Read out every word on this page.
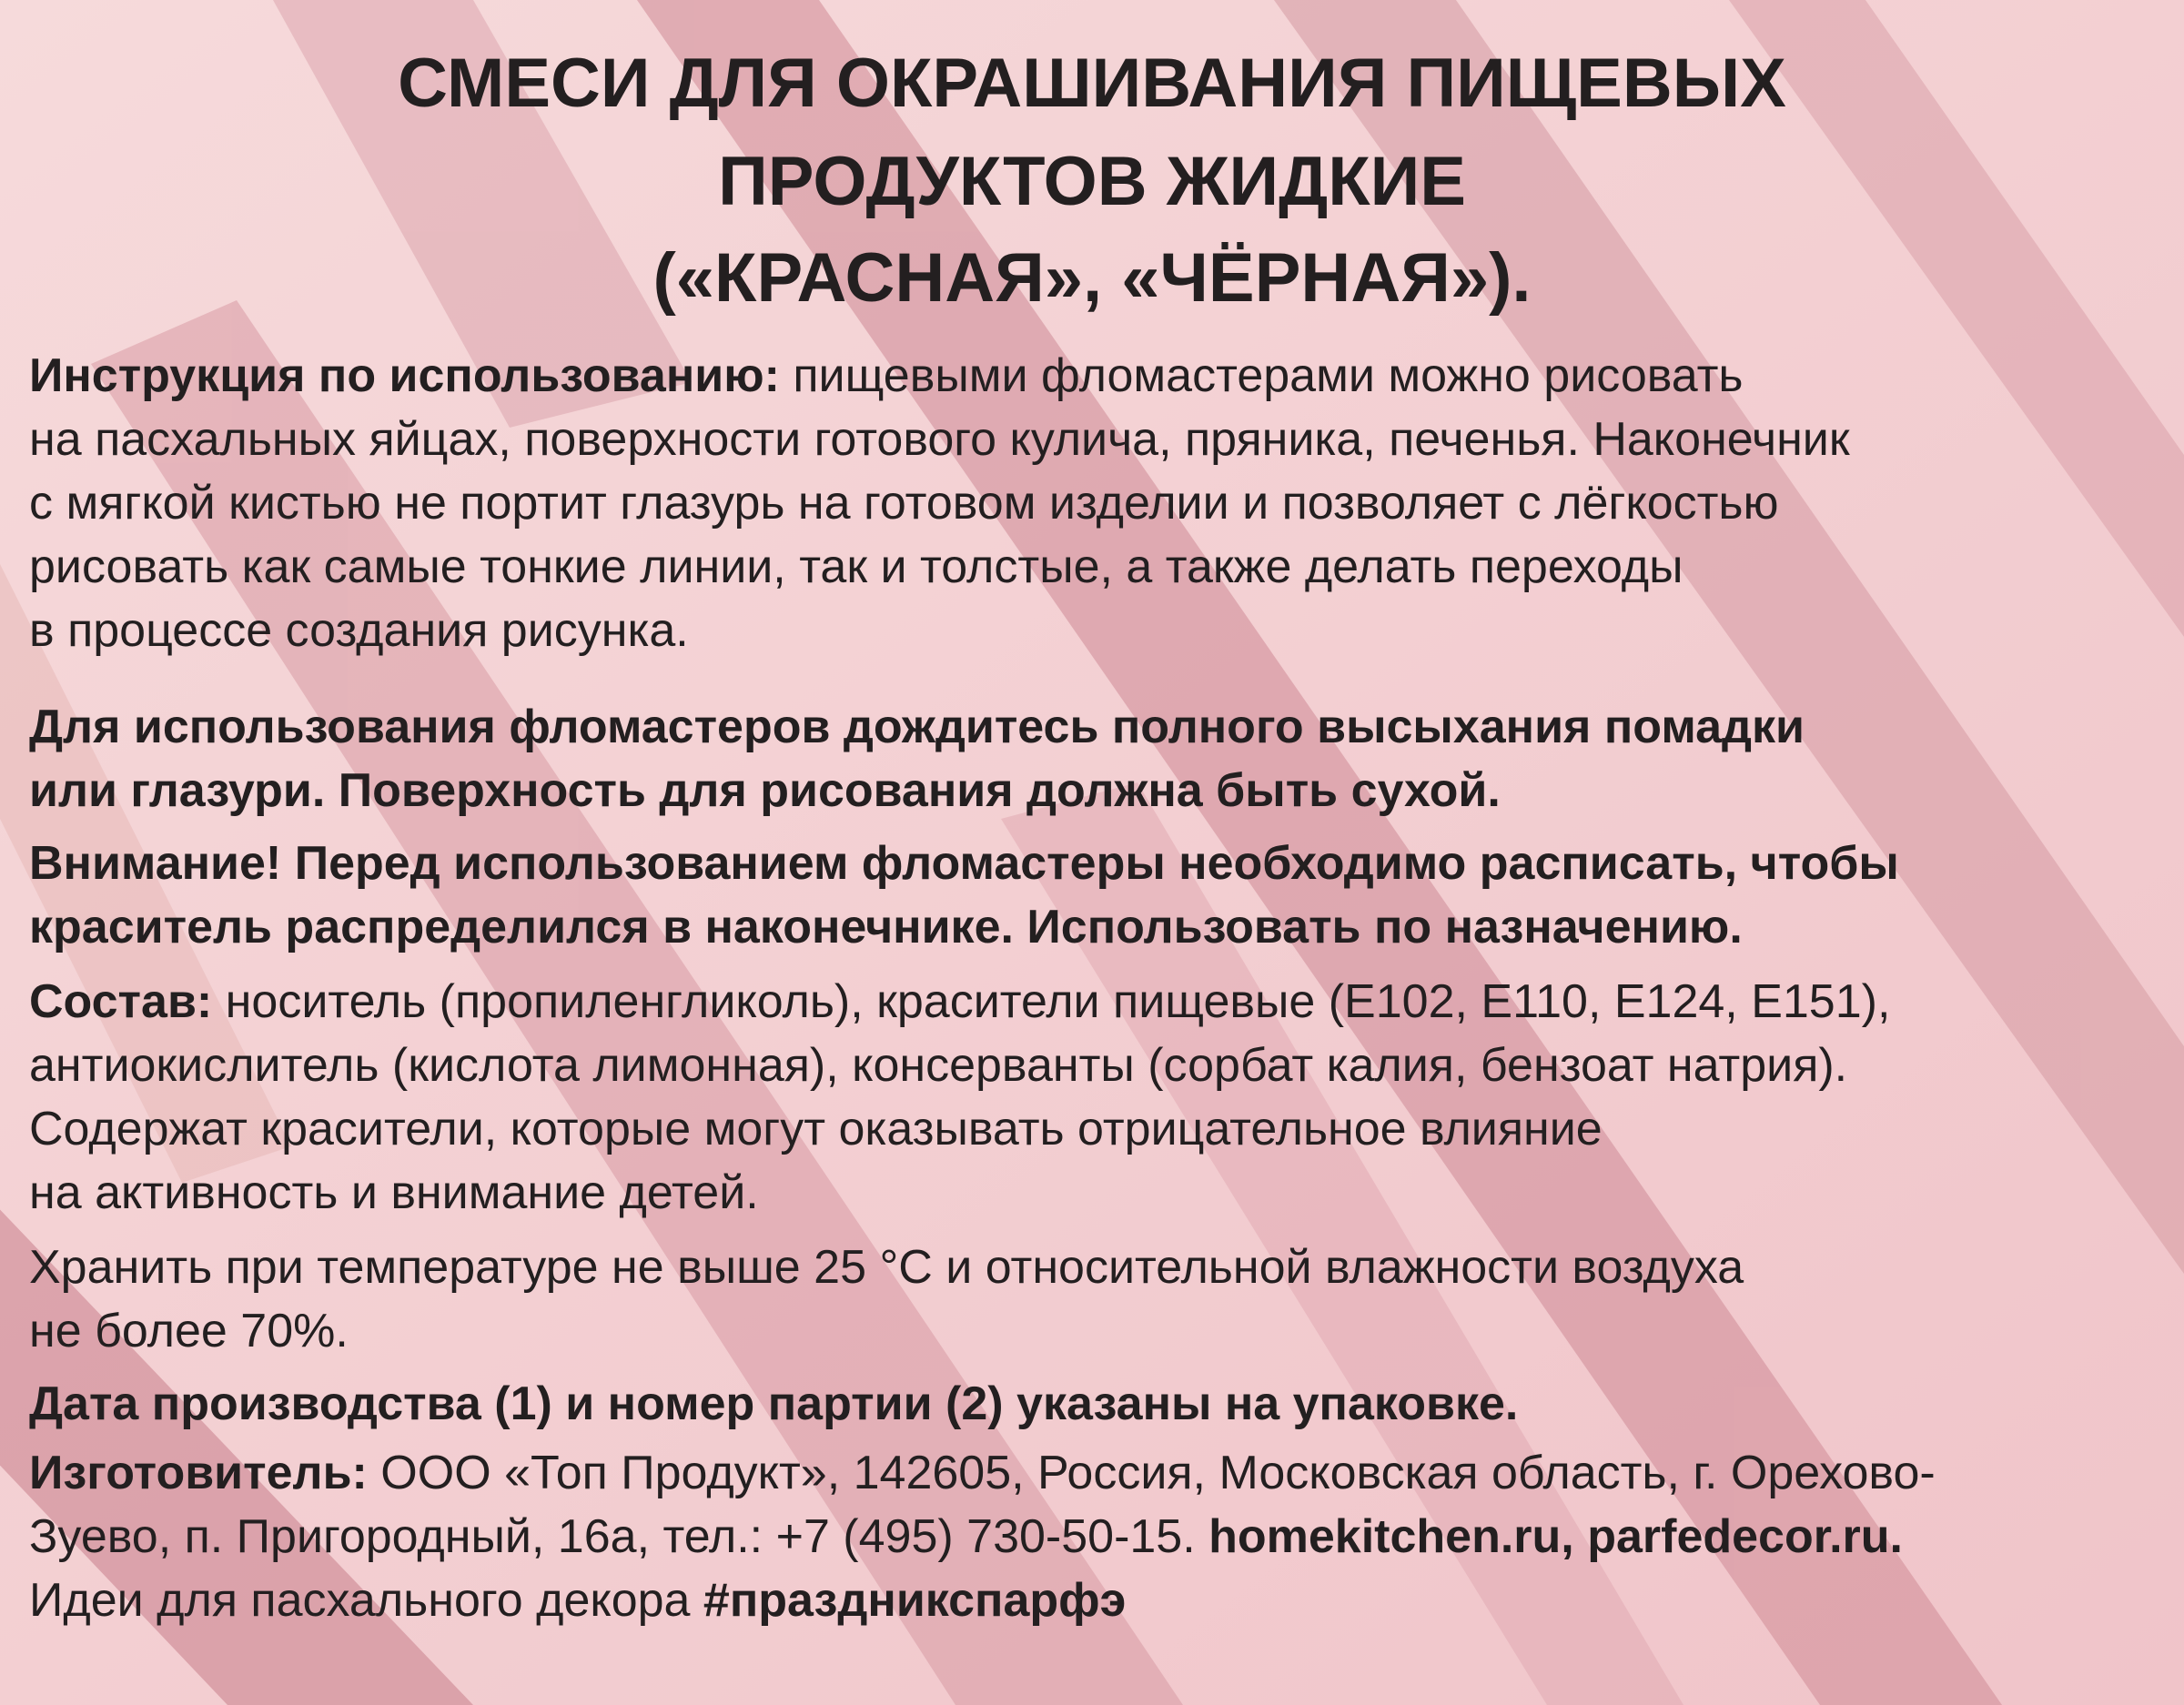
СМЕСИ ДЛЯ ОКРАШИВАНИЯ ПИЩЕВЫХ
ПРОДУКТОВ ЖИДКИЕ
(«КРАСНАЯ», «ЧЁРНАЯ»).
Инструкция по использованию: пищевыми фломастерами можно рисовать
на пасхальных яйцах, поверхности готового кулича, пряника, печенья. Наконечник
с мягкой кистью не портит глазурь на готовом изделии и позволяет с лёгкостью
рисовать как самые тонкие линии, так и толстые, а также делать переходы
в процессе создания рисунка.
Для использования фломастеров дождитесь полного высыхания помадки
или глазури. Поверхность для рисования должна быть сухой.
Внимание! Перед использованием фломастеры необходимо расписать, чтобы
краситель распределился в наконечнике. Использовать по назначению.
Состав: носитель (пропиленгликоль), красители пищевые (Е102, Е110, Е124, Е151),
антиокислитель (кислота лимонная), консерванты (сорбат калия, бензоат натрия).
Содержат красители, которые могут оказывать отрицательное влияние
на активность и внимание детей.
Хранить при температуре не выше 25 °С и относительной влажности воздуха
не более 70%.
Дата производства (1) и номер партии (2) указаны на упаковке.
Изготовитель: ООО «Топ Продукт», 142605, Россия, Московская область, г. Орехово-
Зуево, п. Пригородный, 16а, тел.: +7 (495) 730-50-15. homekitchen.ru, parfedecor.ru.
Идеи для пасхального декора #праздникспарфэ
